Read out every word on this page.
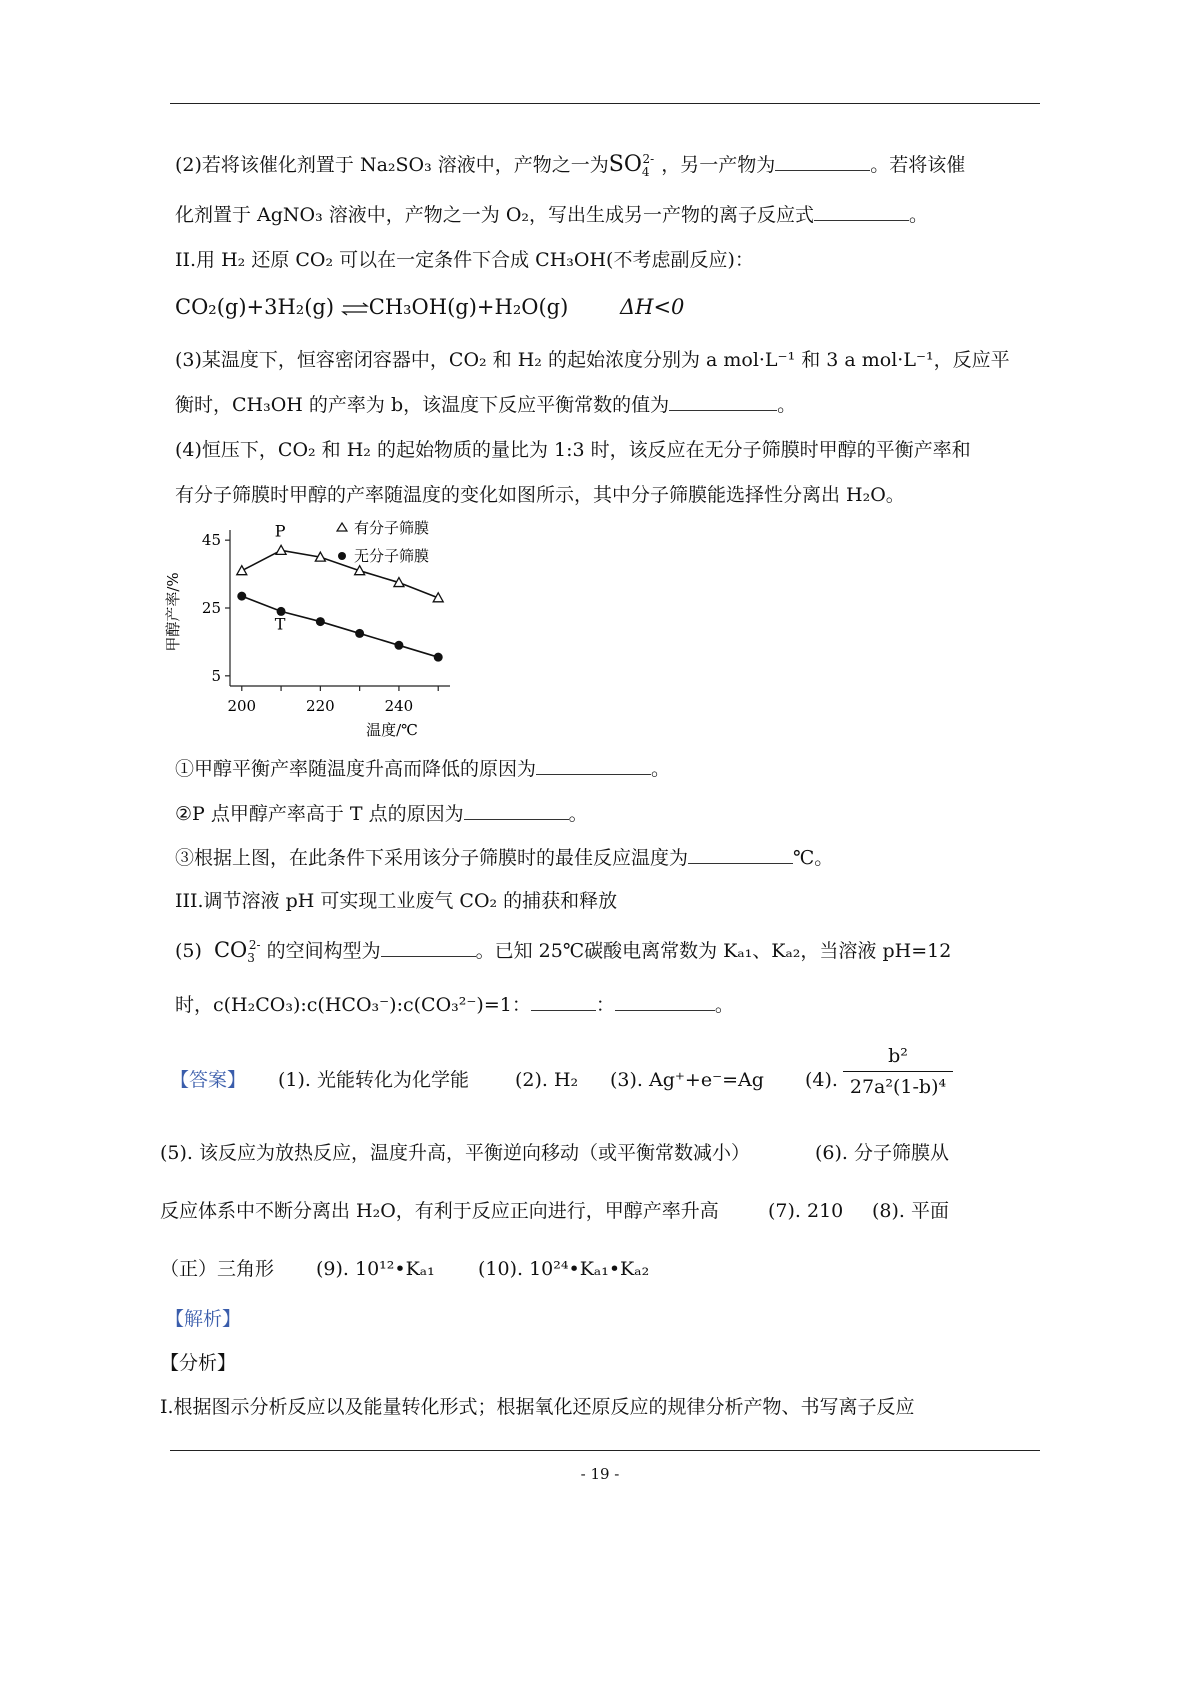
(2)若将该催化剂置于 Na₂SO₃ 溶液中，产物之一为$SO_4^{2-}$ ，另一产物为	。若将该催
化剂置于 AgNO₃ 溶液中，产物之一为 O₂，写出生成另一产物的离子反应式	。
II.用 H₂ 还原 CO₂ 可以在一定条件下合成 CH₃OH(不考虑副反应)：
CO₂(g)+3H₂(g) ⇌CH₃OH(g)+H₂O(g) ΔH<0
(3)某温度下，恒容密闭容器中，CO₂ 和 H₂ 的起始浓度分别为 a mol·L⁻¹ 和 3 a mol·L⁻¹，反应平
衡时，CH₃OH 的产率为 b，该温度下反应平衡常数的值为	。
(4)恒压下，CO₂ 和 H₂ 的起始物质的量比为 1:3 时，该反应在无分子筛膜时甲醇的平衡产率和
有分子筛膜时甲醇的产率随温度的变化如图所示，其中分子筛膜能选择性分离出 H₂O。
5
25
45
200	220	240
有分子筛膜
无分子筛膜
P
T
甲醇产率/%
温度/℃
①甲醇平衡产率随温度升高而降低的原因为	。
②P 点甲醇产率高于 T 点的原因为	。
③根据上图，在此条件下采用该分子筛膜时的最佳反应温度为	℃。
III.调节溶液 pH 可实现工业废气 CO₂ 的捕获和释放
(5) $CO_3^{2-}$ 的空间构型为	。已知 25℃碳酸电离常数为 Kₐ₁、Kₐ₂，当溶液 pH=12
时，c(H₂CO₃):c(HCO₃⁻):c(CO₃²⁻)=1：	：	。
【答案】 (1). 光能转化为化学能 (2). H₂ (3). Ag⁺+e⁻=Ag (4).
b²
27a²(1-b)⁴
(5). 该反应为放热反应，温度升高，平衡逆向移动（或平衡常数减小）	(6). 分子筛膜从
反应体系中不断分离出 H₂O，有利于反应正向进行，甲醇产率升高	(7). 210 (8). 平面
（正）三角形 (9). 10¹²•Kₐ₁ (10). 10²⁴•Kₐ₁•Kₐ₂
【解析】
【分析】
I.根据图示分析反应以及能量转化形式；根据氧化还原反应的规律分析产物、书写离子反应
- 19 -
